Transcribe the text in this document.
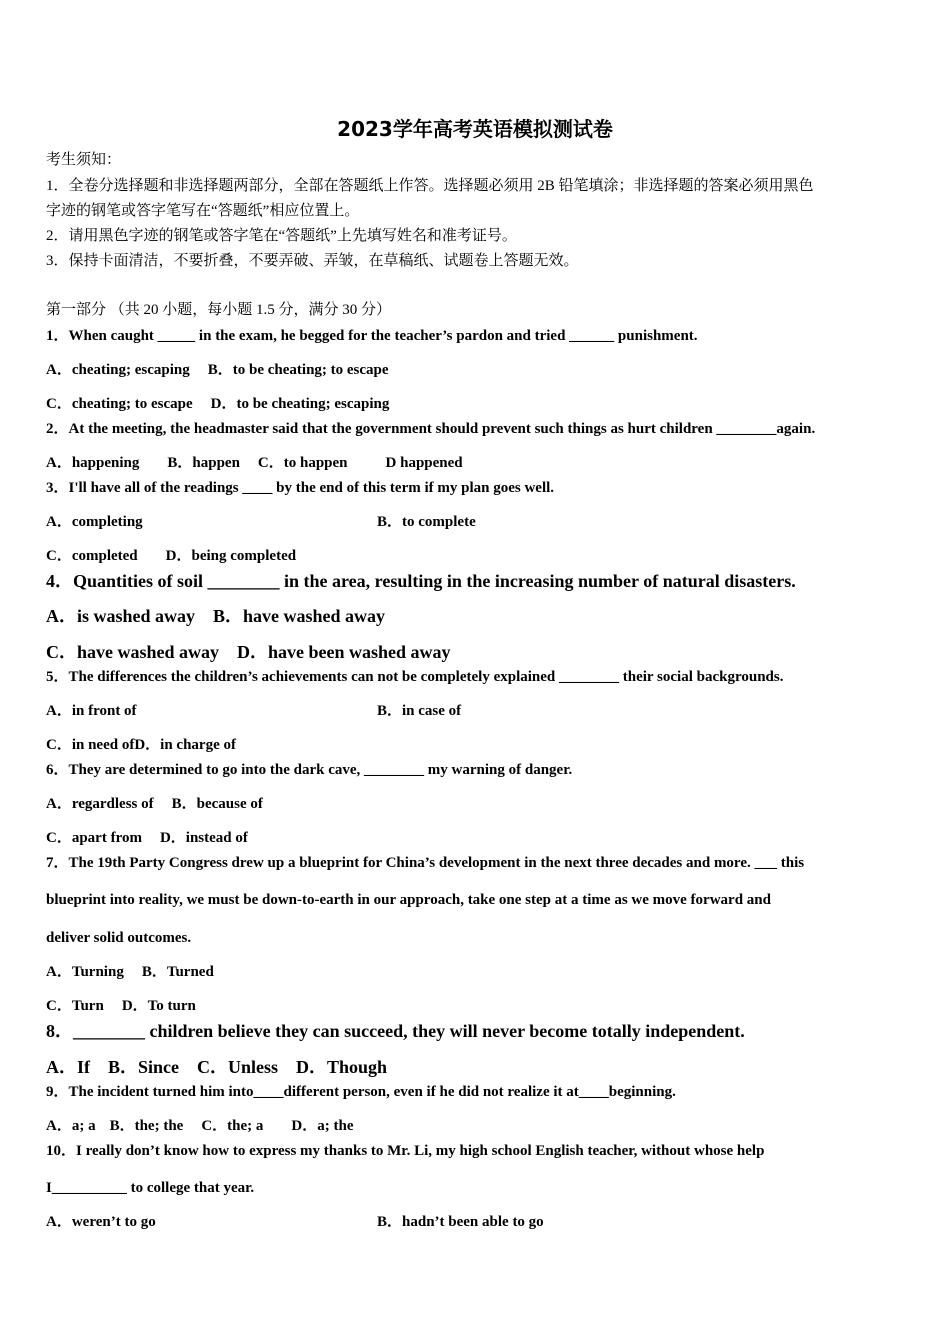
2023学年高考英语模拟测试卷
考生须知：
1．全卷分选择题和非选择题两部分，全部在答题纸上作答。选择题必须用 2B 铅笔填涂；非选择题的答案必须用黑色
字迹的钢笔或答字笔写在“答题纸”相应位置上。
2．请用黑色字迹的钢笔或答字笔在“答题纸”上先填写姓名和准考证号。
3．保持卡面清洁，不要折叠，不要弄破、弄皱，在草稿纸、试题卷上答题无效。
第一部分 （共 20 小题，每小题 1.5 分，满分 30 分）
1．When caught _____ in the exam, he begged for the teacher’s pardon and tried ______ punishment.
A．cheating; escaping B．to be cheating; to escape
C．cheating; to escape D．to be cheating; escaping
2．At the meeting, the headmaster said that the government should prevent such things as hurt children ________again.
A．happening B．happen C．to happen	D happened
3．I'll have all of the readings ____ by the end of this term if my plan goes well.
A．completing	B．to complete
C．completed D．being completed
4．Quantities of soil ________ in the area, resulting in the increasing number of natural disasters.
A．is washed away B．have washed away
C．have washed away D．have been washed away
5．The differences the children’s achievements can not be completely explained ________ their social backgrounds.
A．in front of	B．in case of
C．in need ofD．in charge of
6．They are determined to go into the dark cave, ________ my warning of danger.
A．regardless of B．because of
C．apart from D．instead of
7．The 19th Party Congress drew up a blueprint for China’s development in the next three decades and more. ___ this
blueprint into reality, we must be down-to-earth in our approach, take one step at a time as we move forward and
deliver solid outcomes.
A．Turning B．Turned
C．Turn D．To turn
8．________ children believe they can succeed, they will never become totally independent.
A．If B．Since C．Unless D．Though
9．The incident turned him into____different person, even if he did not realize it at____beginning.
A．a; a B．the; the C．the; a D．a; the
10．I really don’t know how to express my thanks to Mr. Li, my high school English teacher, without whose help
I__________ to college that year.
A．weren’t to go	B．hadn’t been able to go
